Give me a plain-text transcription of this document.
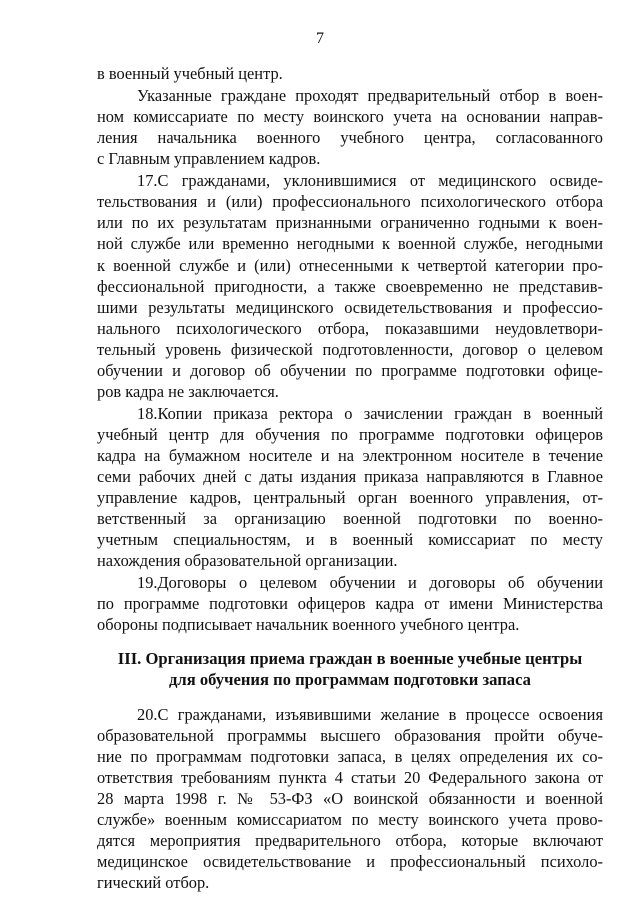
7
в военный учебный центр.
Указанные граждане проходят предварительный отбор в воен-
ном комиссариате по месту воинского учета на основании направ-
ления начальника военного учебного центра, согласованного
с Главным управлением кадров.
17.С гражданами, уклонившимися от медицинского освиде-
тельствования и (или) профессионального психологического отбора
или по их результатам признанными ограниченно годными к воен-
ной службе или временно негодными к военной службе, негодными
к военной службе и (или) отнесенными к четвертой категории про-
фессиональной пригодности, а также своевременно не представив-
шими результаты медицинского освидетельствования и профессио-
нального психологического отбора, показавшими неудовлетвори-
тельный уровень физической подготовленности, договор о целевом
обучении и договор об обучении по программе подготовки офице-
ров кадра не заключается.
18.Копии приказа ректора о зачислении граждан в военный
учебный центр для обучения по программе подготовки офицеров
кадра на бумажном носителе и на электронном носителе в течение
семи рабочих дней с даты издания приказа направляются в Главное
управление кадров, центральный орган военного управления, от-
ветственный за организацию военной подготовки по военно-
учетным специальностям, и в военный комиссариат по месту
нахождения образовательной организации.
19.Договоры о целевом обучении и договоры об обучении
по программе подготовки офицеров кадра от имени Министерства
обороны подписывает начальник военного учебного центра.
III. Организация приема граждан в военные учебные центры
для обучения по программам подготовки запаса
20.С гражданами, изъявившими желание в процессе освоения
образовательной программы высшего образования пройти обуче-
ние по программам подготовки запаса, в целях определения их со-
ответствия требованиям пункта 4 статьи 20 Федерального закона от
28 марта 1998 г. № 53-ФЗ «О воинской обязанности и военной
службе» военным комиссариатом по месту воинского учета прово-
дятся мероприятия предварительного отбора, которые включают
медицинское освидетельствование и профессиональный психоло-
гический отбор.
